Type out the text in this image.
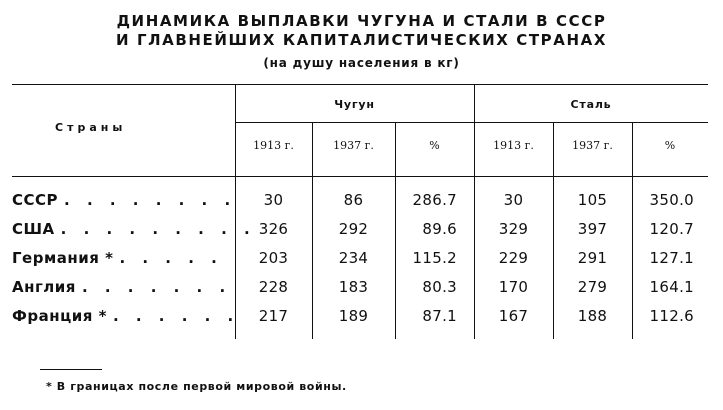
ДИНАМИКА ВЫПЛАВКИ ЧУГУНА И СТАЛИ В СССР
И ГЛАВНЕЙШИХ КАПИТАЛИСТИЧЕСКИХ СТРАНАХ
(на душу населения в кг)
Страны
Чугун	Сталь
1913 г.	1937 г.	%	1913 г.	1937 г.	%
СССР . . . . . . . .	30	86	286.7	30	105	350.0
США . . . . . . . . . 326	292	89.6	329	397	120.7
Германия * . . . . .	203	234	115.2	229	291	127.1
Англия . . . . . . .	228	183	80.3	170	279	164.1
Франция * . . . . . .	217	189	87.1	167	188	112.6
* В границах после первой мировой войны.
